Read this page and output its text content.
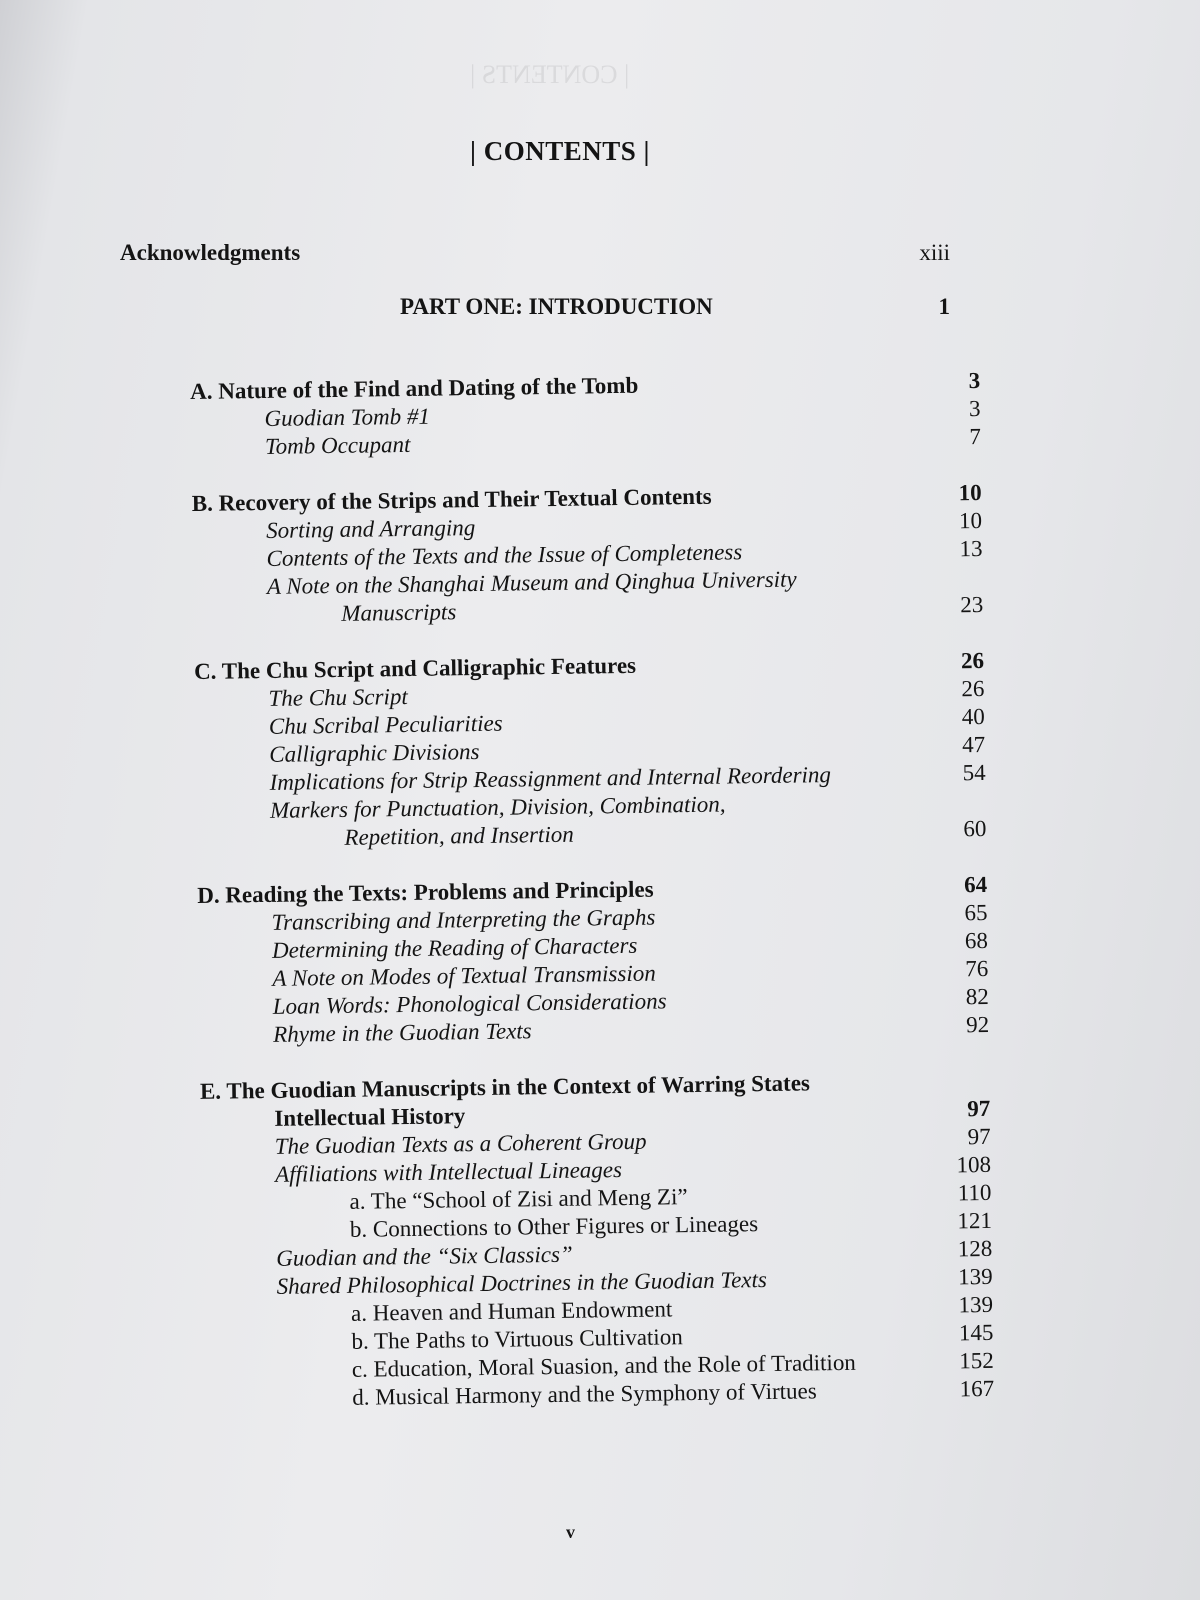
| CONTENTS |
| CONTENTS |
Acknowledgments	xiii
PART ONE: INTRODUCTION	1
A. Nature of the Find and Dating of the Tomb	3
Guodian Tomb #1	3
Tomb Occupant	7
B. Recovery of the Strips and Their Textual Contents	10
Sorting and Arranging	10
Contents of the Texts and the Issue of Completeness	13
A Note on the Shanghai Museum and Qinghua University
Manuscripts	23
C. The Chu Script and Calligraphic Features	26
The Chu Script	26
Chu Scribal Peculiarities	40
Calligraphic Divisions	47
Implications for Strip Reassignment and Internal Reordering	54
Markers for Punctuation, Division, Combination,
Repetition, and Insertion	60
D. Reading the Texts: Problems and Principles	64
Transcribing and Interpreting the Graphs	65
Determining the Reading of Characters	68
A Note on Modes of Textual Transmission	76
Loan Words: Phonological Considerations	82
Rhyme in the Guodian Texts	92
E. The Guodian Manuscripts in the Context of Warring States
Intellectual History	97
The Guodian Texts as a Coherent Group	97
Affiliations with Intellectual Lineages	108
a. The “School of Zisi and Meng Zi”	110
b. Connections to Other Figures or Lineages	121
Guodian and the “Six Classics”	128
Shared Philosophical Doctrines in the Guodian Texts	139
a. Heaven and Human Endowment	139
b. The Paths to Virtuous Cultivation	145
c. Education, Moral Suasion, and the Role of Tradition	152
d. Musical Harmony and the Symphony of Virtues	167
v
